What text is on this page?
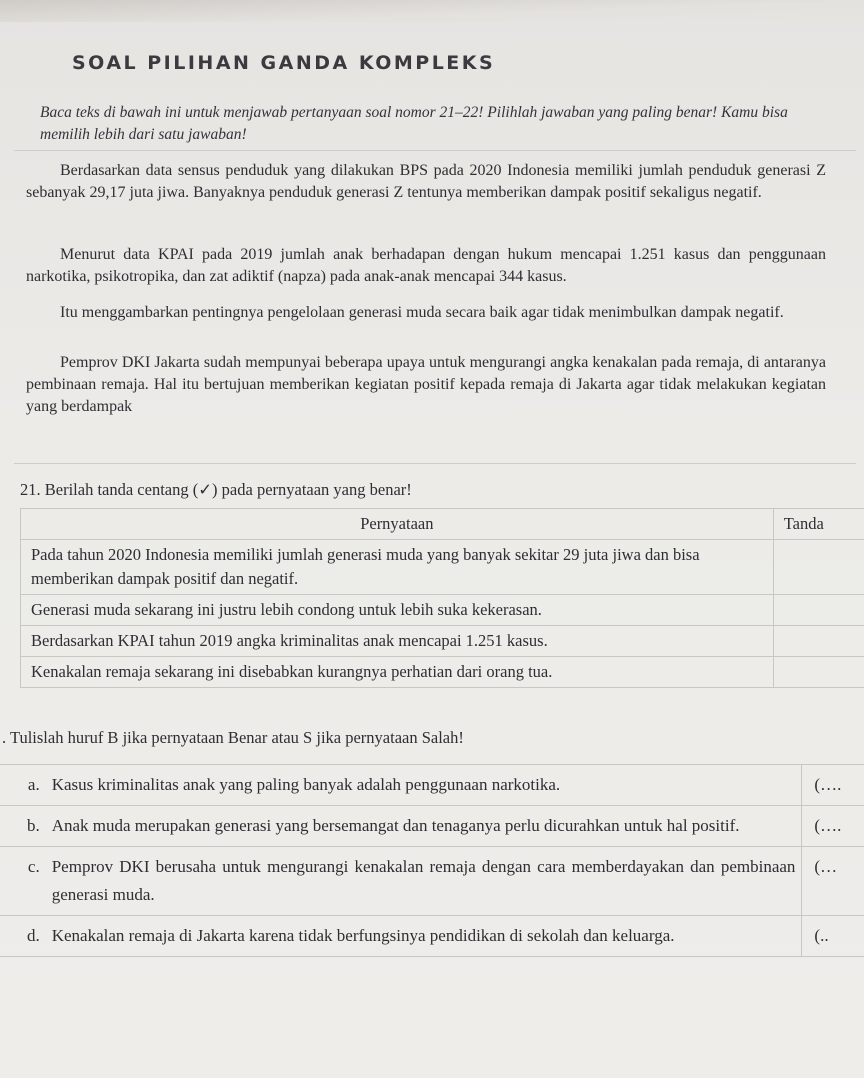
SOAL PILIHAN GANDA KOMPLEKS
Baca teks di bawah ini untuk menjawab pertanyaan soal nomor 21–22! Pilihlah jawaban yang paling benar! Kamu bisa memilih lebih dari satu jawaban!
Berdasarkan data sensus penduduk yang dilakukan BPS pada 2020 Indonesia memiliki jumlah penduduk generasi Z sebanyak 29,17 juta jiwa. Banyaknya penduduk generasi Z tentunya memberikan dampak positif sekaligus negatif.
Menurut data KPAI pada 2019 jumlah anak berhadapan dengan hukum mencapai 1.251 kasus dan penggunaan narkotika, psikotropika, dan zat adiktif (napza) pada anak-anak mencapai 344 kasus.
Itu menggambarkan pentingnya pengelolaan generasi muda secara baik agar tidak menimbulkan dampak negatif.
Pemprov DKI Jakarta sudah mempunyai beberapa upaya untuk mengurangi angka kenakalan pada remaja, di antaranya pembinaan remaja. Hal itu bertujuan memberikan kegiatan positif kepada remaja di Jakarta agar tidak melakukan kegiatan yang berdampak
21. Berilah tanda centang (✓) pada pernyataan yang benar!
Pernyataan	Tanda
Pada tahun 2020 Indonesia memiliki jumlah generasi muda yang banyak sekitar 29 juta jiwa dan bisa memberikan dampak positif dan negatif.	
Generasi muda sekarang ini justru lebih condong untuk lebih suka kekerasan.	
Berdasarkan KPAI tahun 2019 angka kriminalitas anak mencapai 1.251 kasus.	
Kenakalan remaja sekarang ini disebabkan kurangnya perhatian dari orang tua.	
. Tulislah huruf B jika pernyataan Benar atau S jika pernyataan Salah!
a.	Kasus kriminalitas anak yang paling banyak adalah penggunaan narkotika.	(….
b.	Anak muda merupakan generasi yang bersemangat dan tenaganya perlu dicurahkan untuk hal positif.	(….
c.	Pemprov DKI berusaha untuk mengurangi kenakalan remaja dengan cara memberdayakan dan pembinaan generasi muda.	(…
d.	Kenakalan remaja di Jakarta karena tidak berfungsinya pendidikan di sekolah dan keluarga.	(..
